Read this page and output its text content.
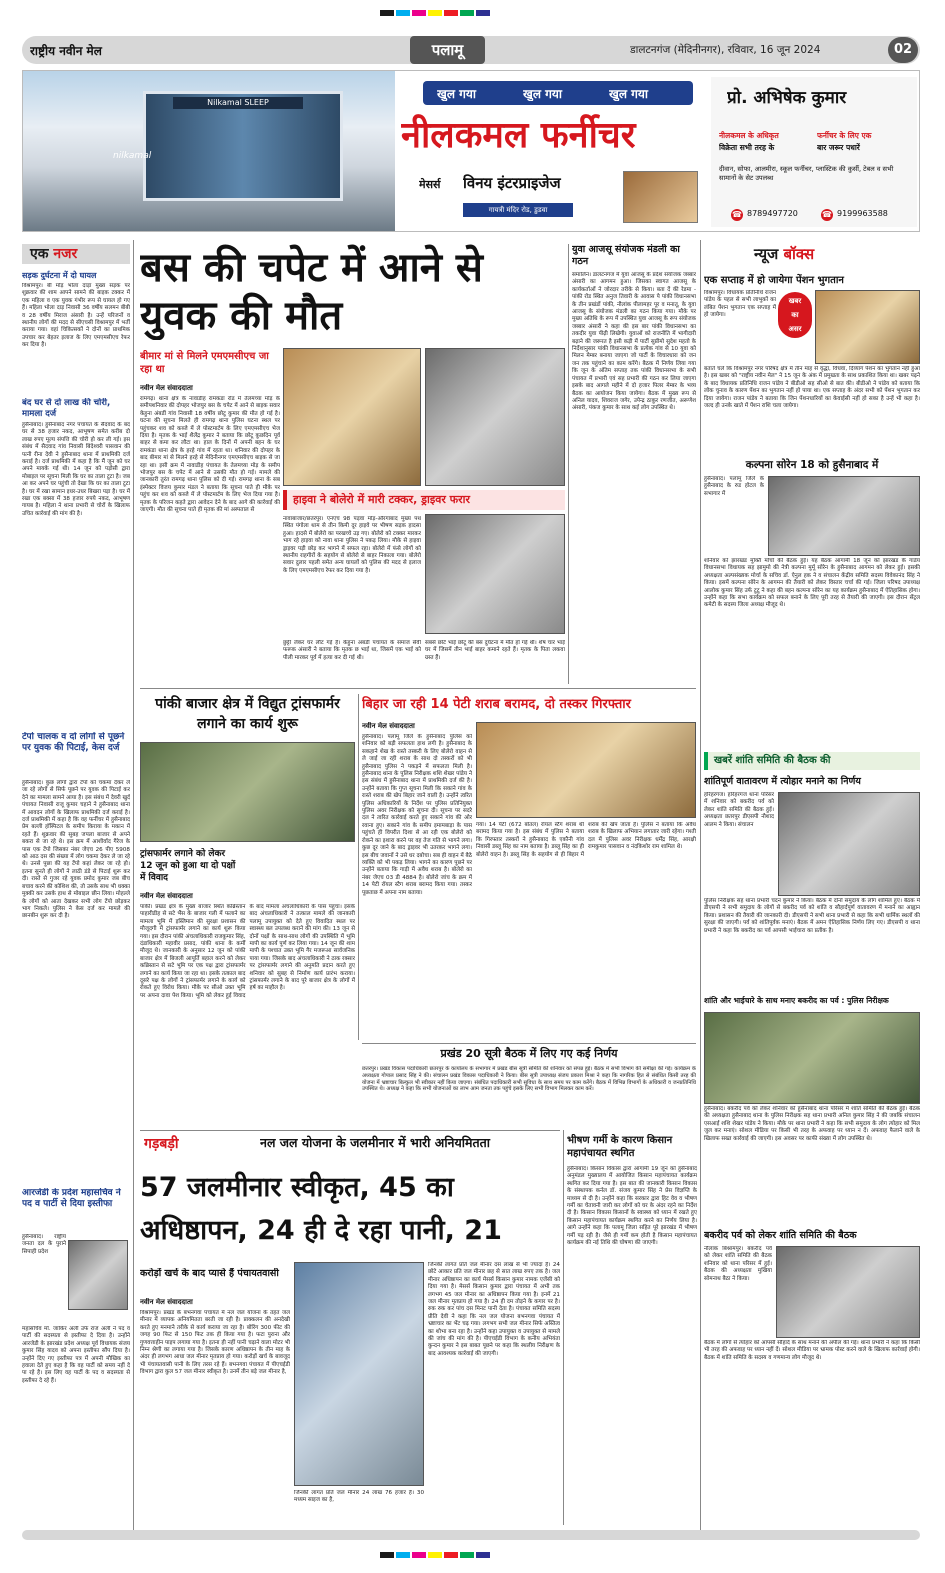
राष्ट्रीय नवीन मेल	पलामू	डालटनगंज (मेदिनीनगर), रविवार, 16 जून 2024	02
Nilkamal SLEEP
nilkamal
खुल गया	खुल गया	खुल गया
नीलकमल फर्नीचर
मेसर्स	विनय इंटरप्राइजेज
गायत्री मंदिर रोड, डुडवा
प्रो. अभिषेक कुमार
नीलकमल के अधिकृत
विक्रेता सभी तरह के
फर्नीचर के लिए एक
बार जरूर पधारें
दीवान, सोफा, आलमीरा, स्कूल फर्नीचर, प्लास्टिक की कुर्सी, टेबल व सभी सामानों के सेट उपलब्ध
☎ 8789497720	☎ 9199963588
एक नजर
सड़क दुर्घटना में दो घायल
विश्रामपुर। बी मोड़ भोला दाड़ा मुख्य सड़क पर शुक्रवार की शाम आपने सामने की बाइक टक्कर में एक महिला व एक युवक गंभीर रूप से घायल हो गए हैं। महिला भोला दाड़ निवासी 36 वर्षीय सलमन बीबी व 28 वर्षीय मिराज अंसारी है। उन्हें परिजनों व स्थानीय लोगों की मदद से सीएचसी विश्रामपुर में भर्ती कराया गया। वहां चिकित्सकों ने दोनों का प्राथमिक उपचार कर बेहतर इलाज के लिए एमएमसीएच रेफर कर दिया है।
बंद घर से दो लाख की चोरी, मामला दर्ज
हुसैनाबाद। हुसैनाबाद नगर पंचायत के सैदवाद के बंद घर से 38 हजार नकद, आभूषण समेत करीब दो लाख रुपए मूल्य संपत्ति की चोरी हो कर ली गई। इस संबंध में सैदवाद गांव निवासी बिंदेश्वरी पासवान की पत्नी रीना देवी ने हुसैनाबाद थाना में प्राथमिकी दर्ज कराई है। दर्ज प्राथमिकी में कहा है कि मैं जून को घर अपने मायके गई थी। 14 जून को पड़ोसी द्वारा मोबाइल पर सूचना मिली कि घर का ताला टूटा है। जब आ कर अपने घर पहुंची तो देखा कि घर का ताला टूटा है। घर में रखा सामान इधर-उधर बिखरा पड़ा है। घर में रखा एक बक्सा में 38 हजार रुपये नकद, आभूषण गायब है। महिला ने थाना प्रभारी से चोरों के खिलाफ उचित कार्रवाई की मांग की है।
टेंपो चालक व दो लोगों से पूछने पर युवक की पिटाई, केस दर्ज
हुसैनाबाद। कुछ लोगों द्वारा टेंपो को चकमा देकर ले जा रहे लोगों से सिर्फ पूछने पर युवक की पिटाई कर देने का मामला सामने आया है। इस संबंध में देवरी खुर्द पंचायत निवासी राजू कुमार चहाने ने हुसैनाबाद थाना में आवदन लोगों के खिलाफ प्राथमिकी दर्ज कराई है। दर्ज प्राथमिकी में कहा है कि वह फर्नीचर में हुसैनाबाद प्रेम बल्ली हॉस्पिटल के समीप किराया के मकान में रहते हैं। शुक्रवार की सुबह जपला बाजार से अपने बकरा से जा रहे थे। इस क्रम में आशीर्वाद गैरेज के पास एक टेंपो जिसका नंबर जेएच 26 पीए 5908 को आठ दस की संख्या में लोग चकमा देकर ले जा रहे थे। उनसे पूछा की यह टेंपो कहां लेकर जा रहे हो। इतना सुनते ही लोगों ने लाठी डंडे से पिटाई शुरू कर दी। रास्ते से गुजर रहे युवक प्रमोद कुमार जब बीच बचाव करने की कोशिश की, तो उसके साथ भी धक्का मुक्की कर उसके हाथ से मोबाइल छीन लिया। मोहल्ले के लोगों को आता देखकर सभी लोग टेंपो छोड़कर भाग निकले। पुलिस ने केस दर्ज कर मामले की छानबीन शुरू कर दी है।
आरजेडी के प्रदेश महासचिव ने पद व पार्टी से दिया इस्तीफा
हुसैनाबाद। राष्ट्रीय जनता दल के पुराने सिपाही प्रदेश
महासचिव मो. जाकिर अली उर्फ राज अली ने पद व पार्टी की सदस्यता से इस्तीफा दे दिया है। उन्होंने आरजेडी के झारखंड प्रदेश अध्यक्ष पूर्व विधायक संजय कुमार सिंह यादव को अपना इस्तीफा सौंप दिया है। उन्होंने दिए गए इस्तीफा पत्र में अपनी मौखिक का हवाला देते हुए कहा है कि वह पार्टी को समय नहीं दे पा रहे है। इस लिए वह पार्टी के पद व सदस्यता से इस्तीफा दे रहे हैं।
बस की चपेट में आने से युवक की मौत
बीमार मां से मिलने एमएमसीएच जा रहा था
नवीन मेल संवाददाता
रामगढ़। थाना क्षेत्र के नावाडीह रामकंडा रोड में तेलमच्या मोड़ के समीपशनिवार की दोपहर भोजपुर बस के चपेट में आने से बाइक सवार केहुना अंबडीं गांव निवासी 18 वर्षीय छोटू कुमार की मौत हो गई है। घटना की सूचना मिलते ही रामगढ़ थाना पुलिस घटना स्थल पर पहुंचकर शव को कब्जे में ले पोस्टमार्टम के लिए एमएमसीएच भेज दिया है। मृतक के भाई शैलेंद्र कुमार ने बताया कि छोटू कुछदिन पूर्व बाहर से कमा कर लौटा था। हाल के दिनों में अपनी बहन के घर रामकंडा थाना क्षेत्र के हरहे गांव में रहता था। शनिवार की दोपहर के बाद बीमार मां से मिलने हरहे से मेदिनीनगर एमएमसीएच बाइक से जा रहा था। इसी क्रम में नावाडीह पंचायत के तेलमच्या मोड़ के समीप भोजपुर बस के चपेट में आने से उसकी मौत हो गई। मामले की जानकारी तुरंत रामगढ़ थाना पुलिस को दी गई। रामगढ़ थाना के सब इंस्पेक्टर विजय कुमार मंडल ने बताया कि सूचना पाते ही मौके पर पहुंच कर शव को कब्जे में ले पोस्टमार्टम के लिए भेज दिया गया है। मृतक के परिजन कहते द्वारा आवेदन देने के बाद आगे की कार्रवाई की जाएगी। मौत की सूचना पाते ही मृतक की मां अस्पताल से
हाइवा ने बोलेरो में मारी टक्कर, ड्राइवर फरार
नावाबाजार/छतरपुर। एनएच 98 पड़वा मोड़-औरंगाबाद मुख्य पथ स्थित पंगोला थाम से तीन किमी दूर हाइवे पर भीषण सड़क हादसा हुआ। हादसे में बोलेरो का परखच्चे उड़ गए। बोलेरो को टक्कर मारकर भाग रहे हाइवा को नावा थाना पुलिस ने पकड़ लिया। मौके से हाइवा ड्राइवर पड़ी छोड़ कर भागने में सफल रहा। बोलेरो में फंसे लोगों को स्थानीय राहगीरों के सहयोग से बोलेरो से बाहर निकाला गया। बोलेरो सवार दुलार पहली समेत अन्य घायलों को पुलिस की मदद से इलाज के लिए एमएमसीएच रेफर कर दिया गया है।
छुट्टी लेकर घर लौट गई है। केहुना अंबडीं पंचायत के समाज सेवी फरूक अंसारी ने बताया कि मृतक छ भाई था, जिसमें एक भाई को पीली मारकर पूर्व में हत्या कर दी गई थी।
सबसे छोटे भाई छोटू की बस दुर्घटना में मौत हो गई थी। शेष चार भाई घर में जिसमें तीन भाई बाहर कमाने रहते हैं। मृतक के पिता लकवा ग्रस्त हैं।
युवा आजसू संयोजक मंडली का गठन
समालिन। डालटनगंज में युवा आजसू के प्रदेश संयोजक जब्बार अंसारी का आगमन हुआ। जिसका स्वागत आजसू के कार्यकर्ताओं ने जोरदार तरीके से किया। बता दें की रेडमा - पांकी रोड स्थित अनुज तिवारी के आवास पे पांकी विधानसभा के तीन प्रखंडों पांकी, नौलांक पीलामहर पूर व मनातू, के युवा आजसू के संयोजक मंडली का गठन किया गया। मौके पर मुख्य अतिथि के रूप में उपस्थित युवा आजसू के रूप संयोजक जब्बार अंसारी ने कहा की इस बार पांकी विधानसभा का तकदीर युवा पीढ़ी लिखेगी। युवाओं को राजनीति में भागीदारी बढ़ाने की जरूरत है इसी कड़ी में पार्टी सुप्रीमो सुदेश महतो के निर्देशानुसार पांकी विधानसभा के प्रत्येक गांव से 10 युवा को मिलन मेम्बर बनाया जाएगा जो पार्टी के विचारधारा को जन जन तक पहुंचाने का काम करेंगे। बैठक में निर्णय लिया गया कि जून के अंतिम सप्ताह तक पांकी विधानसभा के सभी पंचायत में प्रभारी एवं सह प्रभारी की गठन कर लिया जाएगा इसके बाद आगले महीने में दो हजार पिलर मेम्बर के भव्य बैठक का आयोजन किया जायेगा। बैठक में मुख्य रूप से अनिल यादव, शिवराज जगेर, उपेन्द्र ठाकुर रणजीत, अरूणेश अंसारी, पंकज कुमार के साथ कई लोग उपस्थित थे।
पांकी बाजार क्षेत्र में विद्युत ट्रांसफार्मर लगाने का कार्य शुरू
ट्रांसफार्मर लगाने को लेकर 12 जून को हुआ था दो पक्षों में विवाद
नवीन मेल संवाददाता
पांकी। प्रखंड क्षेत्र के मुख्य बाजार स्थित कब्रिस्तान पाहारीडीह से सटे भैंस के बाजार गली में फलाने का मामला भूमि में इस्लिमान की सुरक्षा प्रशासन की मौजूदगी में ट्रांसफार्मर लगाने का कार्य शुरू किया गया। इस दौरान पांकी अंचलाधिकारी राजकुमार सिंह, दंडाधिकारी महावीर प्रसाद, पांकी थाना के कर्मी मौजूद थे। जानकारी के अनुसार 12 जून को पांकी बाजार क्षेत्र में बिजली आपूर्ति बहाल करने को लेकर कब्रिस्तान से सटे भूमि पर एक पक्ष द्वारा ट्रांसफार्मर लगाने का कार्य किया जा रहा था। इसके तत्काल बाद दूसरे पक्ष के लोगों ने ट्रांसफार्मर लगाने के कार्य को रोकते हुए विरोध किया। मौके पर सीओ उक्त भूमि पर अपना दावा पेश किया। भूमि को लेकर हुई विवाद के बाद मामला अंचलाधिकारी के पास पहुंचा। इसके बाद अंचलाधिकारी ने तत्काल मामले की जानकारी पलामू उपायुक्त को देते हुए विवादित स्थल पर स्वास्थ्य बल उपलब्ध कराने की मांग की। 13 जून से दोनों पक्षों के साथ-साथ लोगों की उपस्थिति में भूमि मापी का कार्य पूर्ण कर लिया गया। 14 जून की शाम मापी के पश्चात उक्त भूमि गैर मजरूआ सार्वजनिक पाया गया। जिसके बाद अंचलाधिकारी ने ठाक रक्सार पर ट्रांसफार्मर लगाने की अनुमति प्रदान करते हुए शनिवार को सुबह से निर्माण कार्य प्रारंभ कराया। ट्रांसफार्मर लगाने के बाद पूरे बाजार क्षेत्र के लोगों में हर्ष का माहौल है।
बिहार जा रही 14 पेटी शराब बरामद, दो तस्कर गिरफ्तार
नवीन मेल संवाददाता
हुसैनाबाद। पलामू जिले के हुसैनाबाद पुलिस को शनिवार को बड़ी सफलता हाथ लगी है। हुसैनाबाद के सकहाने शेख के रास्ते तस्करी के लिए बोलेरो वाहन से ले जाई जा रही शराब के साथ दो तस्करों को भी हुसैनाबाद पुलिस ने पकड़ने में सफलता मिली है। हुसैनाबाद थाना के पुलिस निरीक्षक शशि शेखर पांडेय ने इस संबंध में हुसैनाबाद थाना में प्राथमिकी दर्ज की है। उन्होंने बताया कि गुप्त सूचना मिली कि सकाने गांव के रास्ते शराब की खेप बिहार जाने वाली है। उन्होंने त्वरित पुलिस अधिकारियों के निर्देश पर पुलिस प्रतिनियुक्त पुलिस अवर निरीक्षक को सूचना दी। सूचना पर सदरे दल ने त्वरित कार्रवाई करते हुए सकाने गांव की ओर रवाना हुए। सकाने गांव के समीप इमामबाड़ा के पास पहुंचते ही विपरीत दिशा से आ रही एक बोलेरो को रोकने का इशारा करने पर वह तेज गति से भागने लगा। कुछ दूर जाने के बाद ड्राइवर भी उतरकर भागने लगा। इस बीच जवानों ने उसे धर दबोचा। सब ही वाहन में बैठे व्यक्ति को भी पकड़ लिया। भागने का कारण पूछने पर उन्होंने बताया कि गाड़ी में अवैध शराब है। बोलेरो का नंबर जेएच 03 डी 4884 है। बोलेरो जांच के क्रम में 14 पेटी रॉयल स्टैग शराब बरामद किया गया। तस्कर पूछताछ में अपना नाम बताया।
गया। 14 पेटी (672 बोतल) रॉयल स्टैग शराब थी बरामद किया गया है। इस संबंध में पुलिस ने बताया कि गिरफ्तार तस्करों ने हुसैनाबाद के एकौनी गांव निवासी डब्लू सिंह का नाम बताया है। डब्लू सिंह का ही बोलेरो वाहन है। डब्लू सिंह के सहयोग से ही बिहार में शराब की खेप जाता है। पुलिस ने बताया कि अवैध शराब के खिलाफ अभियान लगातार जारी रहेगा। गश्ती दल में पुलिस अवर निरीक्षक धर्मेंद्र सिंह, आरक्षी रामकुमार पासवान व नंदकिशोर राम शामिल थे।
प्रखंड 20 सूत्री बैठक में लिए गए कई निर्णय
छतरपुर। प्रखंड विकास पदाधिकारी छतरपुर के कार्यालय के सभागार में प्रखंड बीस सूत्री समिति की शनिवार को संपन्न हुई। बैठक में सभी विभाग की समीक्षा की गई। कार्यक्रम के अध्यक्षता गोपाल प्रसाद सिंह ने की। संचालन प्रखंड विकास पदाधिकारी ने किया। बीस सूत्री उपाध्यक्ष संजय प्रकाश मिश्रा ने कहा कि नागरिक हित से संबंधित किसी तरह की योजना में भ्रष्टाचार बिल्कुल भी स्वीकार नहीं किया जाएगा। संबंधित पदाधिकारी सभी सुविधा के साथ समय पर काम करेंगे। बैठक में विभिन्न विभागों के अधिकारी व जनप्रतिनिधि उपस्थित थे। अध्यक्ष ने कहा कि सभी योजनाओं का लाभ आम जनता तक पहुंचे इसके लिए सभी विभाग मिलकर काम करें।
गड़बड़ी	नल जल योजना के जलमीनार में भारी अनियमितता
57 जलमीनार स्वीकृत, 45 का अधिष्ठापन, 24 ही दे रहा पानी, 21
करोड़ों खर्च के बाद प्यासे हैं पंचायतवासी
नवीन मेल संवाददाता
विश्रामपुर। प्रखंड के बभनगवा पंचायत में नल जल योजना के तहत जल मीनार में व्यापक अनियमितता बरती जा रही है। प्राक्कलन की अनदेखी करते हुए मनमाने तरीके से कार्य कराया जा रहा है। बोरिंग 300 फीट की जगह 90 फिट से 150 फिट तक ही किया गया है। फटा पुराना और गुणवत्ताहीन पाइप लगाया गया है। इतना ही नहीं पानी चढ़ाने वाला मोटर भी निम्न श्रेणी का लगाया गया है। जिसके कारण अधिष्ठापन के तीन माह के अंदर ही लगभग आधा जल मीनार मृतप्राय हो गया। करोड़ों खर्च के बावजूद भी पंचायतवासी पानी के लिए तरस रहे हैं। बभनगवा पंचायत में पीएचईडी विभाग द्वारा कुल 57 जल मीनार स्वीकृत है। उनमें तीन बड़े जल मीनार है,
जिनकी लागत प्रति जल मीनार 24 लाख 76 हजार है। 30 मध्यम साइज का है,
जिनकी लागत प्रति जल मीनार दस लाख से भी ज्यादा है। 24 छोटे आकार प्रति जल मीनार छह से सात लाख रुपए तक है। जल मीनार अधिष्ठापन का कार्य मेसर्स किसान कुमार नामक एजेंसी को दिया गया है। मेसर्स किसान कुमार द्वारा पंचायत में अभी तक लगभग 45 जल मीनार का अधिष्ठापन किया गया है। इनमें 21 जल मीनार मृतप्राय हो गया है। 24 ही दम तोड़ने के कगार पर है। रुक रुक कर पांच दस मिनट पानी देता है। पंचायत समिति सदस्य प्रीति देवी ने कहा कि नल जल योजना बभनगवा पंचायत में भ्रष्टाचार का भेंट चढ़ गया। लगभग सभी जल मीनार सिर्फ अस्तित्व का शोभा बना रहा है। उन्होंने कहा उपायुक्त व उपायुक्त से मामले की जांच की मांग की है। पीएचईडी विभाग के कनीय अभियंता कुन्दन कुमार ने इस बाबत पूछने पर कहा कि स्थलीय निरीक्षण के बाद आवश्यक कार्रवाई की जाएगी।
भीषण गर्मी के कारण किसान महापंचायत स्थगित
हुसैनाबाद। किसान विकास द्वारा आगामी 19 जून को हुसैनाबाद अनुमंडल मुख्यालय में आयोजित किसान महापंचायत कार्यक्रम स्थगित कर दिया गया है। इस बात की जानकारी किसान विकास के संस्थापक कर्नल डॉ. संजय कुमार सिंह ने प्रेस विज्ञप्ति के माध्यम से दी है। उन्होंने कहा कि सरकार द्वारा हिट वेव व भीषण गर्मी का चेतावनी जारी कर लोगों को घर के अंदर रहने का निर्देश दी है। किसान विकास किसानों के स्वास्थ्य को ध्यान में रखते हुए किसान महापंचायत कार्यक्रम स्थगित करने का निर्णय लिया है। आगे उन्होंने कहा कि पलामू जिला सहित पूरे झारखंड में भीषण गर्मी पड़ रही है। जैसे ही गर्मी कम होती है किसान महापंचायत कार्यक्रम की नई तिथि की घोषणा की जाएगी।
न्यूज बॉक्स
एक सप्ताह में हो जायेगा पेंशन भुगतान
विश्रामपुर। विधायक प्रतिनिधि राजन पांडेय के पहल से सभी लाभुकों का लंबित पेंशन भुगतान एक सप्ताह में हो जायेगा।
खबर
का
असर
बताते चलें कि विश्रामपुर नगर परिषद क्षेत्र में तीन माह से वृद्धा, विधवा, दिव्यांग पेंशन का भुगतान नहीं हुआ है। इस खबर को "राष्ट्रीय नवीन मेल" ने 15 जून के अंक में प्रमुखता के साथ प्रकाशित किया था। खबर पढ़ने के बाद विधायक प्रतिनिधि राजन पांडेय ने बीडीओ सह सीओ से बात की। बीडीओ ने पांडेय को बताया कि लोक चुनाव के कारण पेंशन का भुगतान नहीं हो पाया था। एक सप्ताह के अंदर सभी को पेंशन भुगतान कर दिया जायेगा। राजन पांडेय ने बताया कि जिन पेंशनधारियों का केवाईसी नहीं हो सका है उन्हें भी कहा है। जल्द ही उनके खाते में पेंशन राशि चला जायेगा।
कल्पना सोरेन 18 को हुसैनाबाद में
हुसैनाबाद। पलामू जिले के हुसैनाबाद के रुड होटल के सभागार में
शनिवार को झारखंड मुक्ति मोर्चा की बैठक हुई। यह बैठक आगामी 18 जून को झारखंड के गांडेय विधानसभा विधायक सह झामुमो की नेत्री कल्पना मुर्मू सोरेन के हुसैनाबाद आगमन को लेकर हुई। इसकी अध्यक्षता अल्पसंख्यक मोर्चा के सचिव डॉ. ऐनुल हक ने व संचालन केंद्रीय समिति सदस्य विवेकानंद सिंह ने किया। इसमें कल्पना सोरेन के आगमन की तैयारी को लेकर विस्तार चर्चा की गई। जिला परिषद उपाध्यक्ष आलोक कुमार सिंह उर्फ टुटू ने कहा की बहन कल्पना सोरेन का यह कार्यक्रम हुसैनाबाद में ऐतिहासिक होगा। उन्होंने कहा कि सभा कार्यक्रम को सफल बनाने के लिए पूरी तरह से तैयारी की जाएगी। इस दौरान सेंट्रल कमेटी के सदस्य जिला अध्यक्ष मौजूद थे।
खबरें शांति समिति की बैठक की
शांतिपूर्ण वातावरण में त्योहार मनाने का निर्णय
हरिहरगंज। हरिहरगंज थाना परिसर में शनिवार को बकरीद पर्व को लेकर शांति समिति की बैठक हुई। अध्यक्षता छतरपुर डीएसपी नौशाद आलम ने किया। संचालन
पुलिस निरीक्षक सह थाना प्रभारी चंदन कुमार ने किया। बैठक में दोनों समुदाय के लोग शामिल हुए। बैठक में डीएसपी ने सभी समुदाय के लोगों से बकरीद पर्व को शांति व सौहार्दपूर्ण वातावरण में मनाने का आह्वान किया। प्रशासन की तैयारी की जानकारी दी। डीएसपी ने सभी थाना प्रभारी से कहा कि सभी धार्मिक स्थलों की सुरक्षा की जाएगी। पर्व को शांतिपूर्वक मनाएं। बैठक में अमन ऐतिहासिक निर्णय लिए गए। डीएसपी व थाना प्रभारी ने कहा कि बकरीद का पर्व आपसी भाईचारा का प्रतीक है।
शांति और भाईचारे के साथ मनाए बकरीद का पर्व : पुलिस निरीक्षक
हुसैनाबाद। बकरीद पर्व को लेकर शनिवार को हुसैनाबाद थाना परिसर में शांति समिति की बैठक हुई। बैठक की अध्यक्षता हुसैनाबाद थाना के पुलिस निरीक्षक सह थाना प्रभारी अनिल कुमार सिंह ने की जबकि संचालन एसआई शशि शेखर पांडेय ने किया। मौके पर थाना प्रभारी ने कहा कि सभी समुदाय के लोग त्योहार को मिल जुल कर मनाएं। सोशल मीडिया पर किसी भी तरह के अफवाह पर ध्यान न दें। अफवाह फैलाने वाले के खिलाफ सख्त कार्रवाई की जाएगी। इस अवसर पर काफी संख्या में लोग उपस्थित थे।
बकरीद पर्व को लेकर शांति समिति की बैठक
नौलांक बिश्रामपुर। बकरीद पर्व को लेकर शांति समिति की बैठक शनिवार को थाना परिसर में हुई। बैठक की अध्यक्षता मुखिया सोमनाथ बैठा ने किया।
बैठक में लोगों से त्योहार को आपसी सौहार्द के साथ मनाने की अपील की गई। थाना प्रभारी ने कहा कि किसी भी तरह की अफवाह पर ध्यान नहीं दें। सोशल मीडिया पर भ्रामक पोस्ट करने वाले के खिलाफ कार्रवाई होगी। बैठक में शांति समिति के सदस्य व गणमान्य लोग मौजूद थे।
